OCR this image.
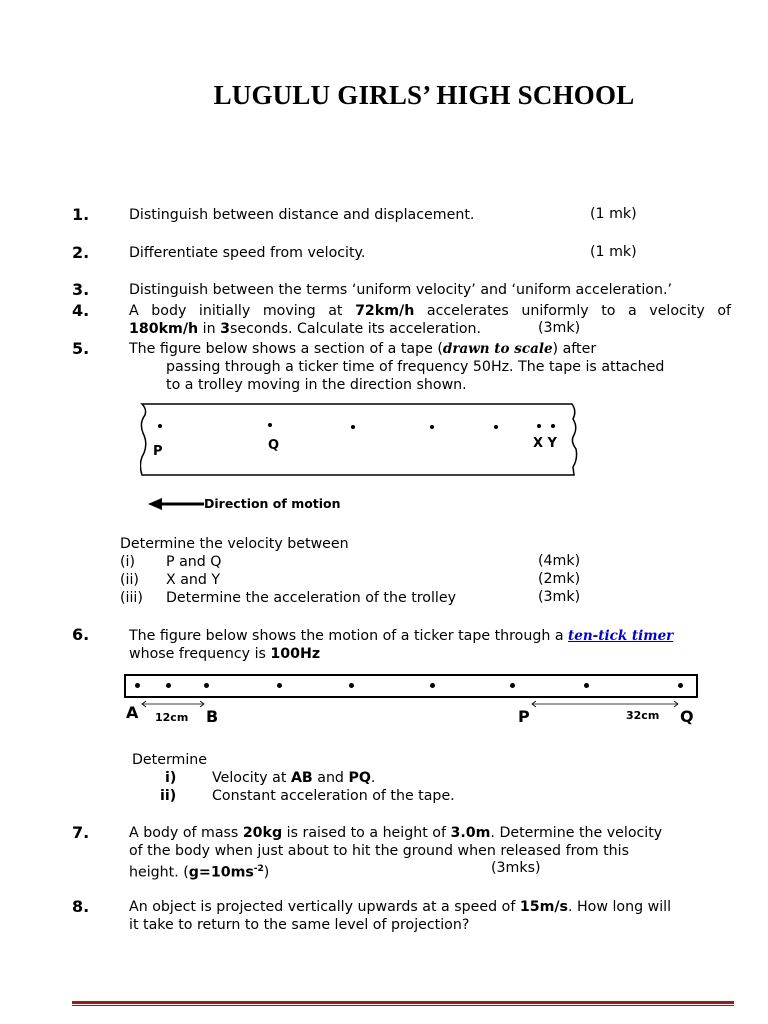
LUGULU GIRLS’ HIGH SCHOOL
1.	Distinguish between distance and displacement.	(1 mk)
2.	Differentiate speed from velocity.	(1 mk)
3.	Distinguish between the terms ‘uniform velocity’ and ‘uniform acceleration.’
4.	A body initially moving at 72km/h accelerates uniformly to a velocity of
180km/h in 3seconds. Calculate its acceleration.	(3mk)
5.	The figure below shows a section of a tape (drawn to scale) after
passing through a ticker time of frequency 50Hz. The tape is attached
to a trolley moving in the direction shown.
P	Q	X Y
Direction of motion
Determine the velocity between
(i) P and Q	(4mk)
(ii) X and Y	(2mk)
(iii) Determine the acceleration of the trolley	(3mk)
6.	The figure below shows the motion of a ticker tape through a ten-tick timer
whose frequency is 100Hz
A	B	P	Q
12cm	32cm
Determine
i)	Velocity at AB and PQ.
ii)	Constant acceleration of the tape.
7.	A body of mass 20kg is raised to a height of 3.0m. Determine the velocity
of the body when just about to hit the ground when released from this
height. $(g=10ms^{-2})$	(3mks)
8.	An object is projected vertically upwards at a speed of 15m/s. How long will
it take to return to the same level of projection?
